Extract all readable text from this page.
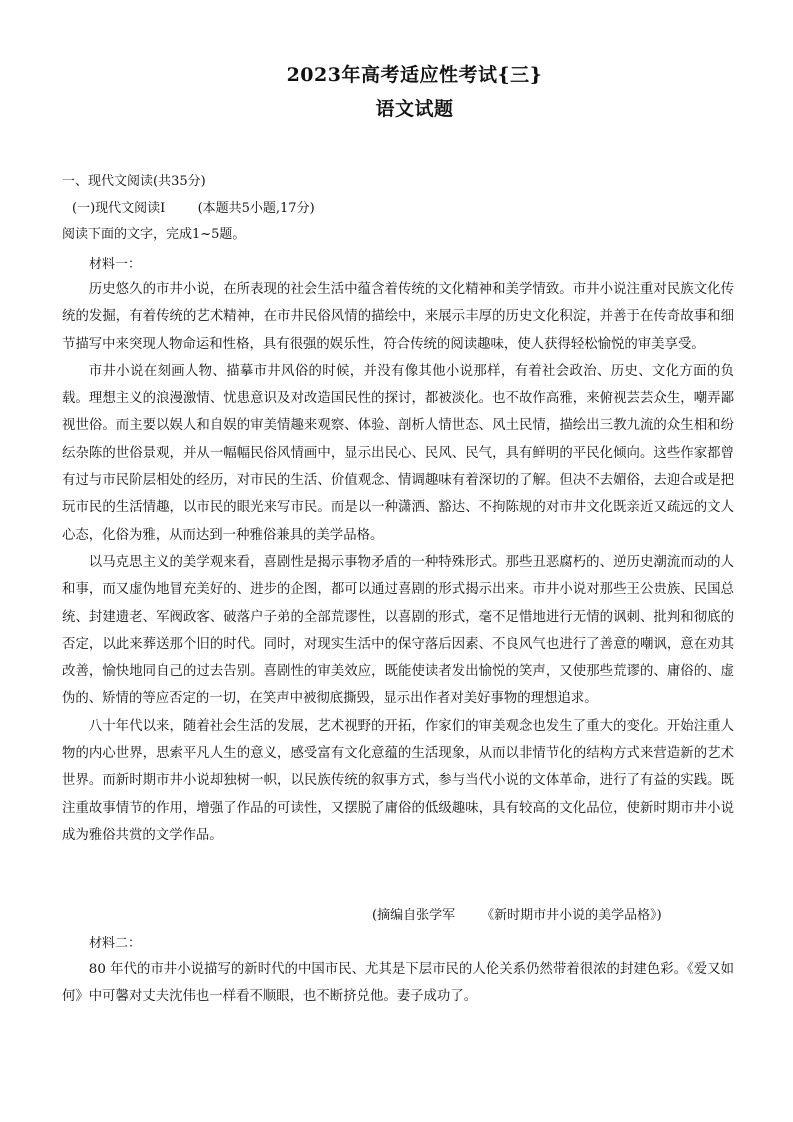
2023年高考适应性考试{三}
语文试题
一、现代文阅读(共35分)
(一)现代文阅读Ⅰ (本题共5小题,17分)
阅读下面的文字，完成1~5题。
材料一：

历史悠久的市井小说，在所表现的社会生活中蕴含着传统的文化精神和美学情致。市井小说注重对民族文化传统的发掘，有着传统的艺术精神，在市井民俗风情的描绘中，来展示丰厚的历史文化积淀，并善于在传奇故事和细节描写中来突现人物命运和性格，具有很强的娱乐性，符合传统的阅读趣味，使人获得轻松愉悦的审美享受。

市井小说在刻画人物、描摹市井风俗的时候，并没有像其他小说那样，有着社会政治、历史、文化方面的负载。理想主义的浪漫激情、忧患意识及对改造国民性的探讨，都被淡化。也不故作高雅，来俯视芸芸众生，嘲弄鄙视世俗。而主要以娱人和自娱的审美情趣来观察、体验、剖析人情世态、风土民情，描绘出三教九流的众生相和纷纭杂陈的世俗景观，并从一幅幅民俗风情画中，显示出民心、民风、民气，具有鲜明的平民化倾向。这些作家都曾有过与市民阶层相处的经历，对市民的生活、价值观念、情调趣味有着深切的了解。但决不去媚俗，去迎合或是把玩市民的生活情趣，以市民的眼光来写市民。而是以一种潇洒、豁达、不拘陈规的对市井文化既亲近又疏远的文人心态，化俗为雅，从而达到一种雅俗兼具的美学品格。

以马克思主义的美学观来看，喜剧性是揭示事物矛盾的一种特殊形式。那些丑恶腐朽的、逆历史潮流而动的人和事，而又虚伪地冒充美好的、进步的企图，都可以通过喜剧的形式揭示出来。市井小说对那些王公贵族、民国总统、封建遗老、军阀政客、破落户子弟的全部荒谬性，以喜剧的形式，毫不足惜地进行无情的讽刺、批判和彻底的否定，以此来葬送那个旧的时代。同时，对现实生活中的保守落后因素、不良风气也进行了善意的嘲讽，意在劝其改善，愉快地同自己的过去告别。喜剧性的审美效应，既能使读者发出愉悦的笑声，又使那些荒谬的、庸俗的、虚伪的、矫情的等应否定的一切，在笑声中被彻底撕毁，显示出作者对美好事物的理想追求。

八十年代以来，随着社会生活的发展，艺术视野的开拓，作家们的审美观念也发生了重大的变化。开始注重人物的内心世界，思索平凡人生的意义，感受富有文化意蕴的生活现象，从而以非情节化的结构方式来营造新的艺术世界。而新时期市井小说却独树一帜，以民族传统的叙事方式，参与当代小说的文体革命，进行了有益的实践。既注重故事情节的作用，增强了作品的可读性，又摆脱了庸俗的低级趣味，具有较高的文化品位，使新时期市井小说成为雅俗共赏的文学作品。

(摘编自张学军 《新时期市井小说的美学品格》)
材料二：

80 年代的市井小说描写的新时代的中国市民、尤其是下层市民的人伦关系仍然带着很浓的封建色彩。《爱又如何》中可馨对丈夫沈伟也一样看不顺眼，也不断挤兑他。妻子成功了。
